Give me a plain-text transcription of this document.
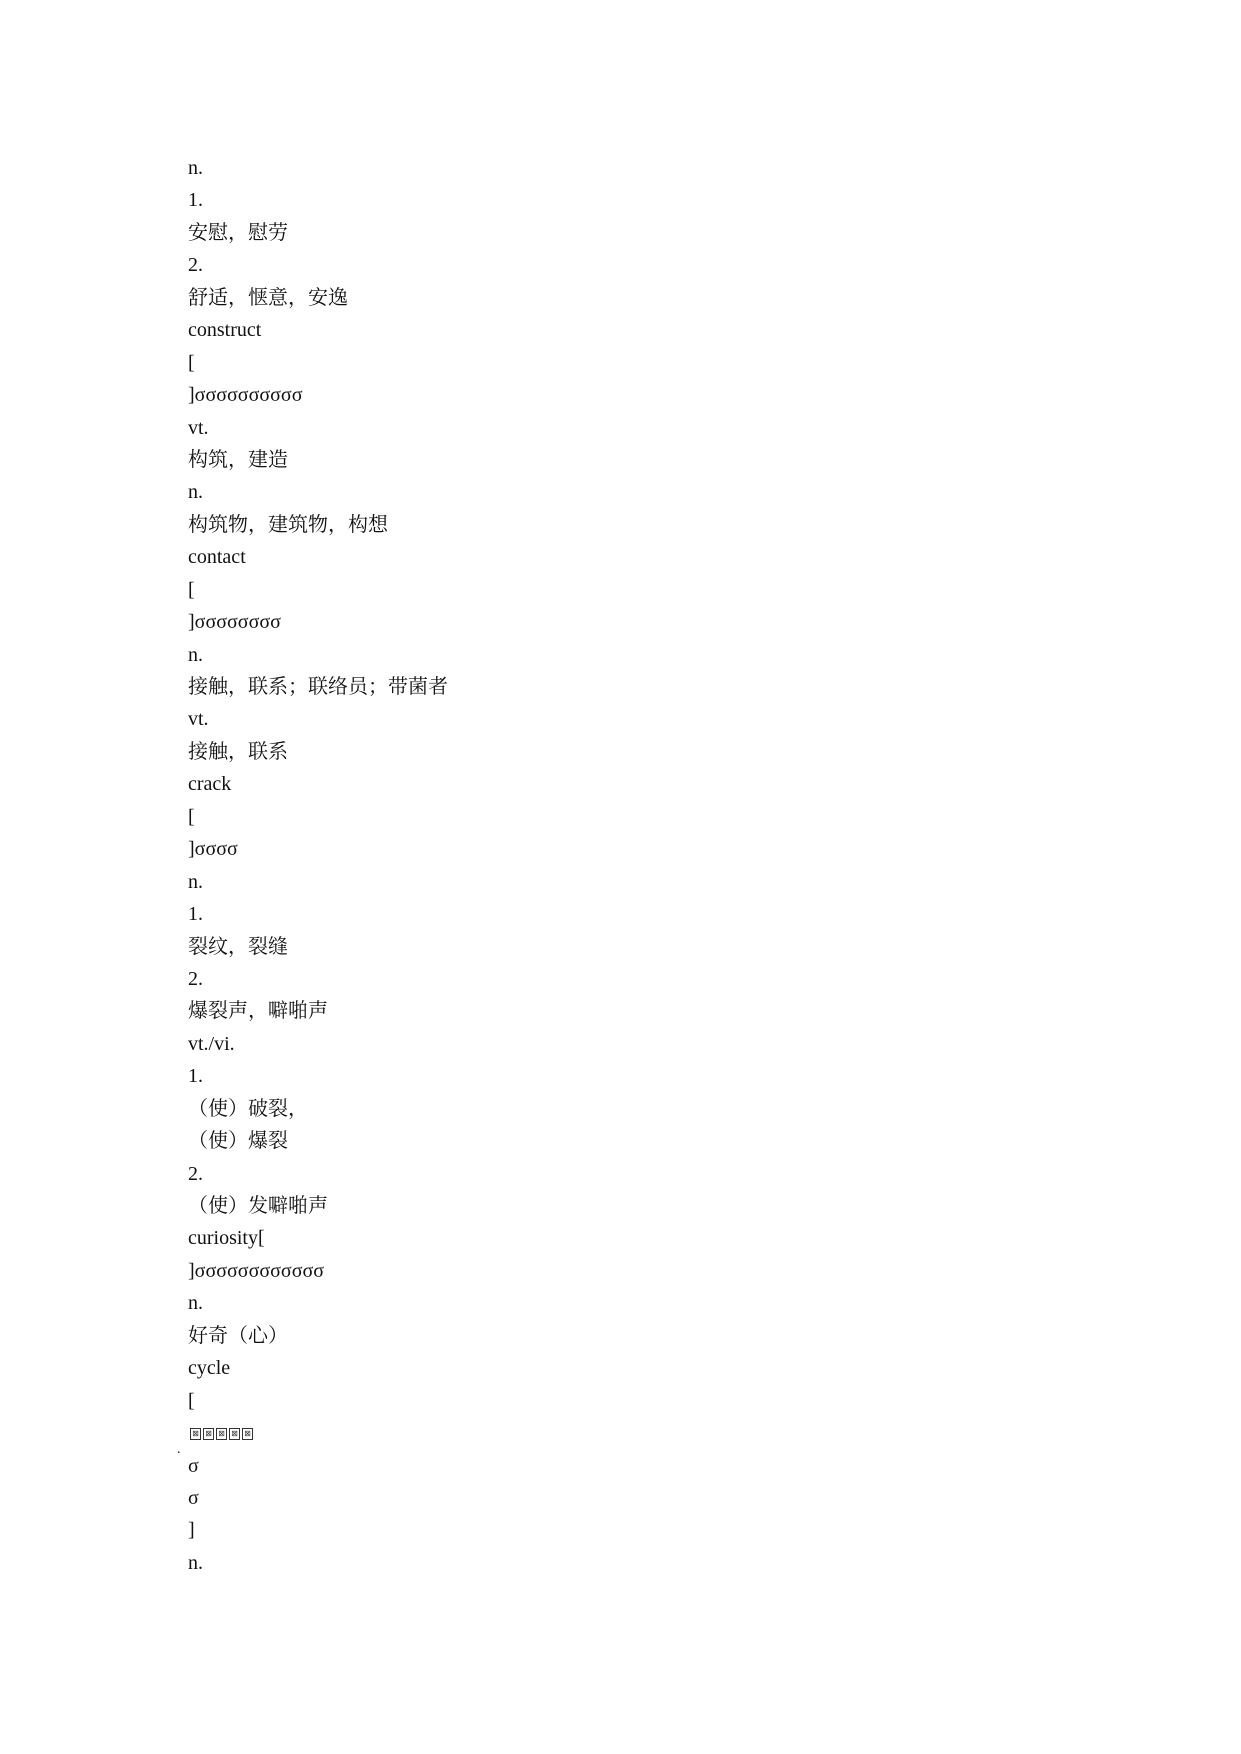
n.
1.
安慰，慰劳
2.
舒适，惬意，安逸
construct
[
]σσσσσσσσσσ
vt.
构筑，建造
n.
构筑物，建筑物，构想
contact
[
]σσσσσσσσ
n.
接触，联系；联络员；带菌者
vt.
接触，联系
crack
[
]σσσσ
n.
1.
裂纹，裂缝
2.
爆裂声，噼啪声
vt./vi.
1.
（使）破裂，
（使）爆裂
2.
（使）发噼啪声
curiosity[
]σσσσσσσσσσσσ
n.
好奇（心）
cycle
[
σ
σ
]
n.
.
⊠ ⊠ ⊠ ⊠ ⊠
